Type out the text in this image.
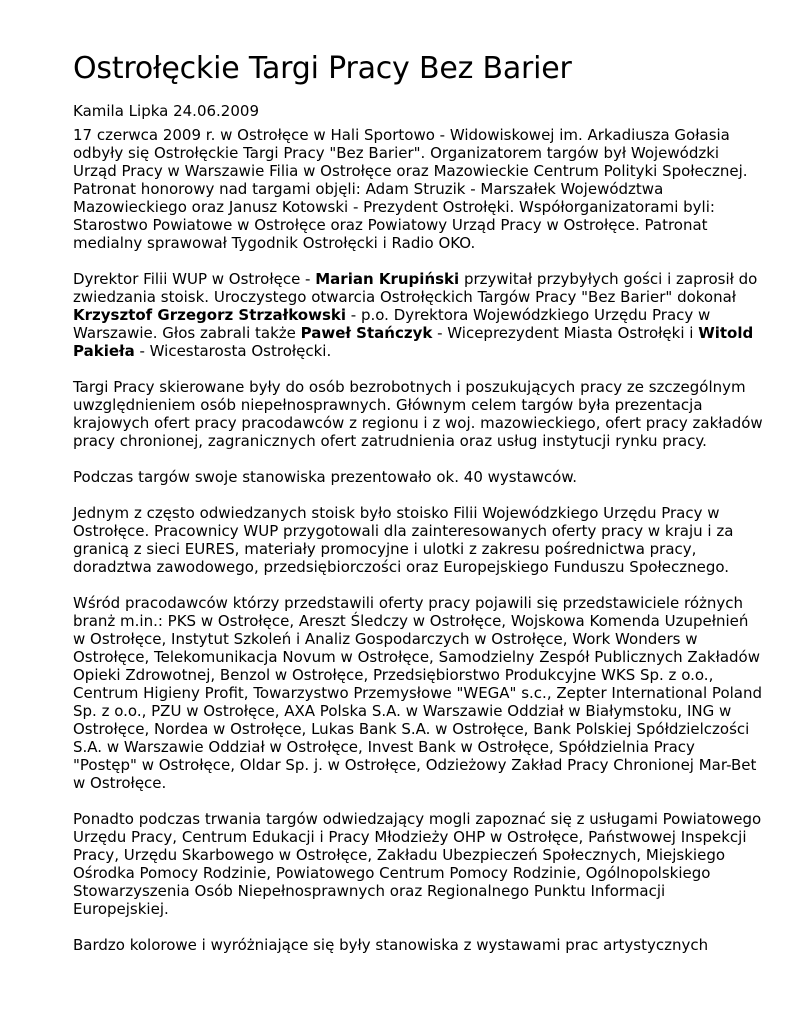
Ostrołęckie Targi Pracy Bez Barier
Kamila Lipka 24.06.2009

17 czerwca 2009 r. w Ostrołęce w Hali Sportowo - Widowiskowej im. Arkadiusza Gołasia odbyły się Ostrołęckie Targi Pracy "Bez Barier". Organizatorem targów był Wojewódzki Urząd Pracy w Warszawie Filia w Ostrołęce oraz Mazowieckie Centrum Polityki Społecznej. Patronat honorowy nad targami objęli: Adam Struzik - Marszałek Województwa Mazowieckiego oraz Janusz Kotowski - Prezydent Ostrołęki. Współorganizatorami byli: Starostwo Powiatowe w Ostrołęce oraz Powiatowy Urząd Pracy w Ostrołęce. Patronat medialny sprawował Tygodnik Ostrołęcki i Radio OKO.

Dyrektor Filii WUP w Ostrołęce - Marian Krupiński przywitał przybyłych gości i zaprosił do zwiedzania stoisk. Uroczystego otwarcia Ostrołęckich Targów Pracy "Bez Barier" dokonał Krzysztof Grzegorz Strzałkowski - p.o. Dyrektora Wojewódzkiego Urzędu Pracy w Warszawie. Głos zabrali także Paweł Stańczyk - Wiceprezydent Miasta Ostrołęki i Witold Pakieła - Wicestarosta Ostrołęcki.

Targi Pracy skierowane były do osób bezrobotnych i poszukujących pracy ze szczególnym uwzględnieniem osób niepełnosprawnych. Głównym celem targów była prezentacja krajowych ofert pracy pracodawców z regionu i z woj. mazowieckiego, ofert pracy zakładów pracy chronionej, zagranicznych ofert zatrudnienia oraz usług instytucji rynku pracy.

Podczas targów swoje stanowiska prezentowało ok. 40 wystawców.

Jednym z często odwiedzanych stoisk było stoisko Filii Wojewódzkiego Urzędu Pracy w Ostrołęce. Pracownicy WUP przygotowali dla zainteresowanych oferty pracy w kraju i za granicą z sieci EURES, materiały promocyjne i ulotki z zakresu pośrednictwa pracy, doradztwa zawodowego, przedsiębiorczości oraz Europejskiego Funduszu Społecznego.

Wśród pracodawców którzy przedstawili oferty pracy pojawili się przedstawiciele różnych branż m.in.: PKS w Ostrołęce, Areszt Śledczy w Ostrołęce, Wojskowa Komenda Uzupełnień w Ostrołęce, Instytut Szkoleń i Analiz Gospodarczych w Ostrołęce, Work Wonders w Ostrołęce, Telekomunikacja Novum w Ostrołęce, Samodzielny Zespół Publicznych Zakładów Opieki Zdrowotnej, Benzol w Ostrołęce, Przedsiębiorstwo Produkcyjne WKS Sp. z o.o., Centrum Higieny Profit, Towarzystwo Przemysłowe "WEGA" s.c., Zepter International Poland Sp. z o.o., PZU w Ostrołęce, AXA Polska S.A. w Warszawie Oddział w Białymstoku, ING w Ostrołęce, Nordea w Ostrołęce, Lukas Bank S.A. w Ostrołęce, Bank Polskiej Spółdzielczości S.A. w Warszawie Oddział w Ostrołęce, Invest Bank w Ostrołęce, Spółdzielnia Pracy "Postęp" w Ostrołęce, Oldar Sp. j. w Ostrołęce, Odzieżowy Zakład Pracy Chronionej Mar-Bet w Ostrołęce.

Ponadto podczas trwania targów odwiedzający mogli zapoznać się z usługami Powiatowego Urzędu Pracy, Centrum Edukacji i Pracy Młodzieży OHP w Ostrołęce, Państwowej Inspekcji Pracy, Urzędu Skarbowego w Ostrołęce, Zakładu Ubezpieczeń Społecznych, Miejskiego Ośrodka Pomocy Rodzinie, Powiatowego Centrum Pomocy Rodzinie, Ogólnopolskiego Stowarzyszenia Osób Niepełnosprawnych oraz Regionalnego Punktu Informacji Europejskiej.

Bardzo kolorowe i wyróżniające się były stanowiska z wystawami prac artystycznych
